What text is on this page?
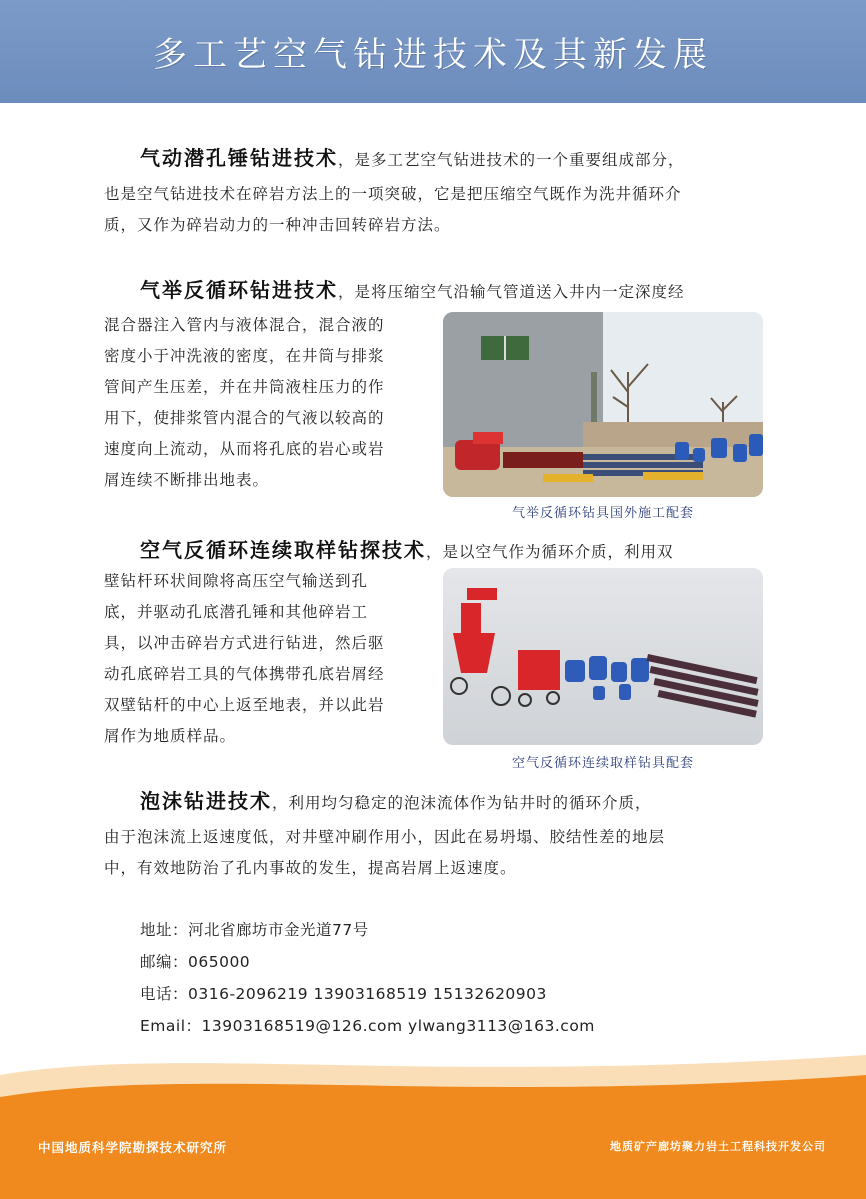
多工艺空气钻进技术及其新发展
气动潜孔锤钻进技术，是多工艺空气钻进技术的一个重要组成部分，
也是空气钻进技术在碎岩方法上的一项突破，它是把压缩空气既作为洗井循环介
质，又作为碎岩动力的一种冲击回转碎岩方法。
气举反循环钻进技术，是将压缩空气沿输气管道送入井内一定深度经
混合器注入管内与液体混合，混合液的
密度小于冲洗液的密度，在井筒与排浆
管间产生压差，并在井筒液柱压力的作
用下，使排浆管内混合的气液以较高的
速度向上流动，从而将孔底的岩心或岩
屑连续不断排出地表。
气举反循环钻具国外施工配套
空气反循环连续取样钻探技术，是以空气作为循环介质，利用双
壁钻杆环状间隙将高压空气输送到孔
底，并驱动孔底潜孔锤和其他碎岩工
具，以冲击碎岩方式进行钻进，然后驱
动孔底碎岩工具的气体携带孔底岩屑经
双壁钻杆的中心上返至地表，并以此岩
屑作为地质样品。
空气反循环连续取样钻具配套
泡沫钻进技术，利用均匀稳定的泡沫流体作为钻井时的循环介质，
由于泡沫流上返速度低，对井壁冲刷作用小，因此在易坍塌、胶结性差的地层
中，有效地防治了孔内事故的发生，提高岩屑上返速度。
地址：河北省廊坊市金光道77号
邮编：065000
电话：0316-2096219 13903168519 15132620903
Email：13903168519@126.com ylwang3113@163.com
中国地质科学院勘探技术研究所	地质矿产廊坊聚力岩土工程科技开发公司
